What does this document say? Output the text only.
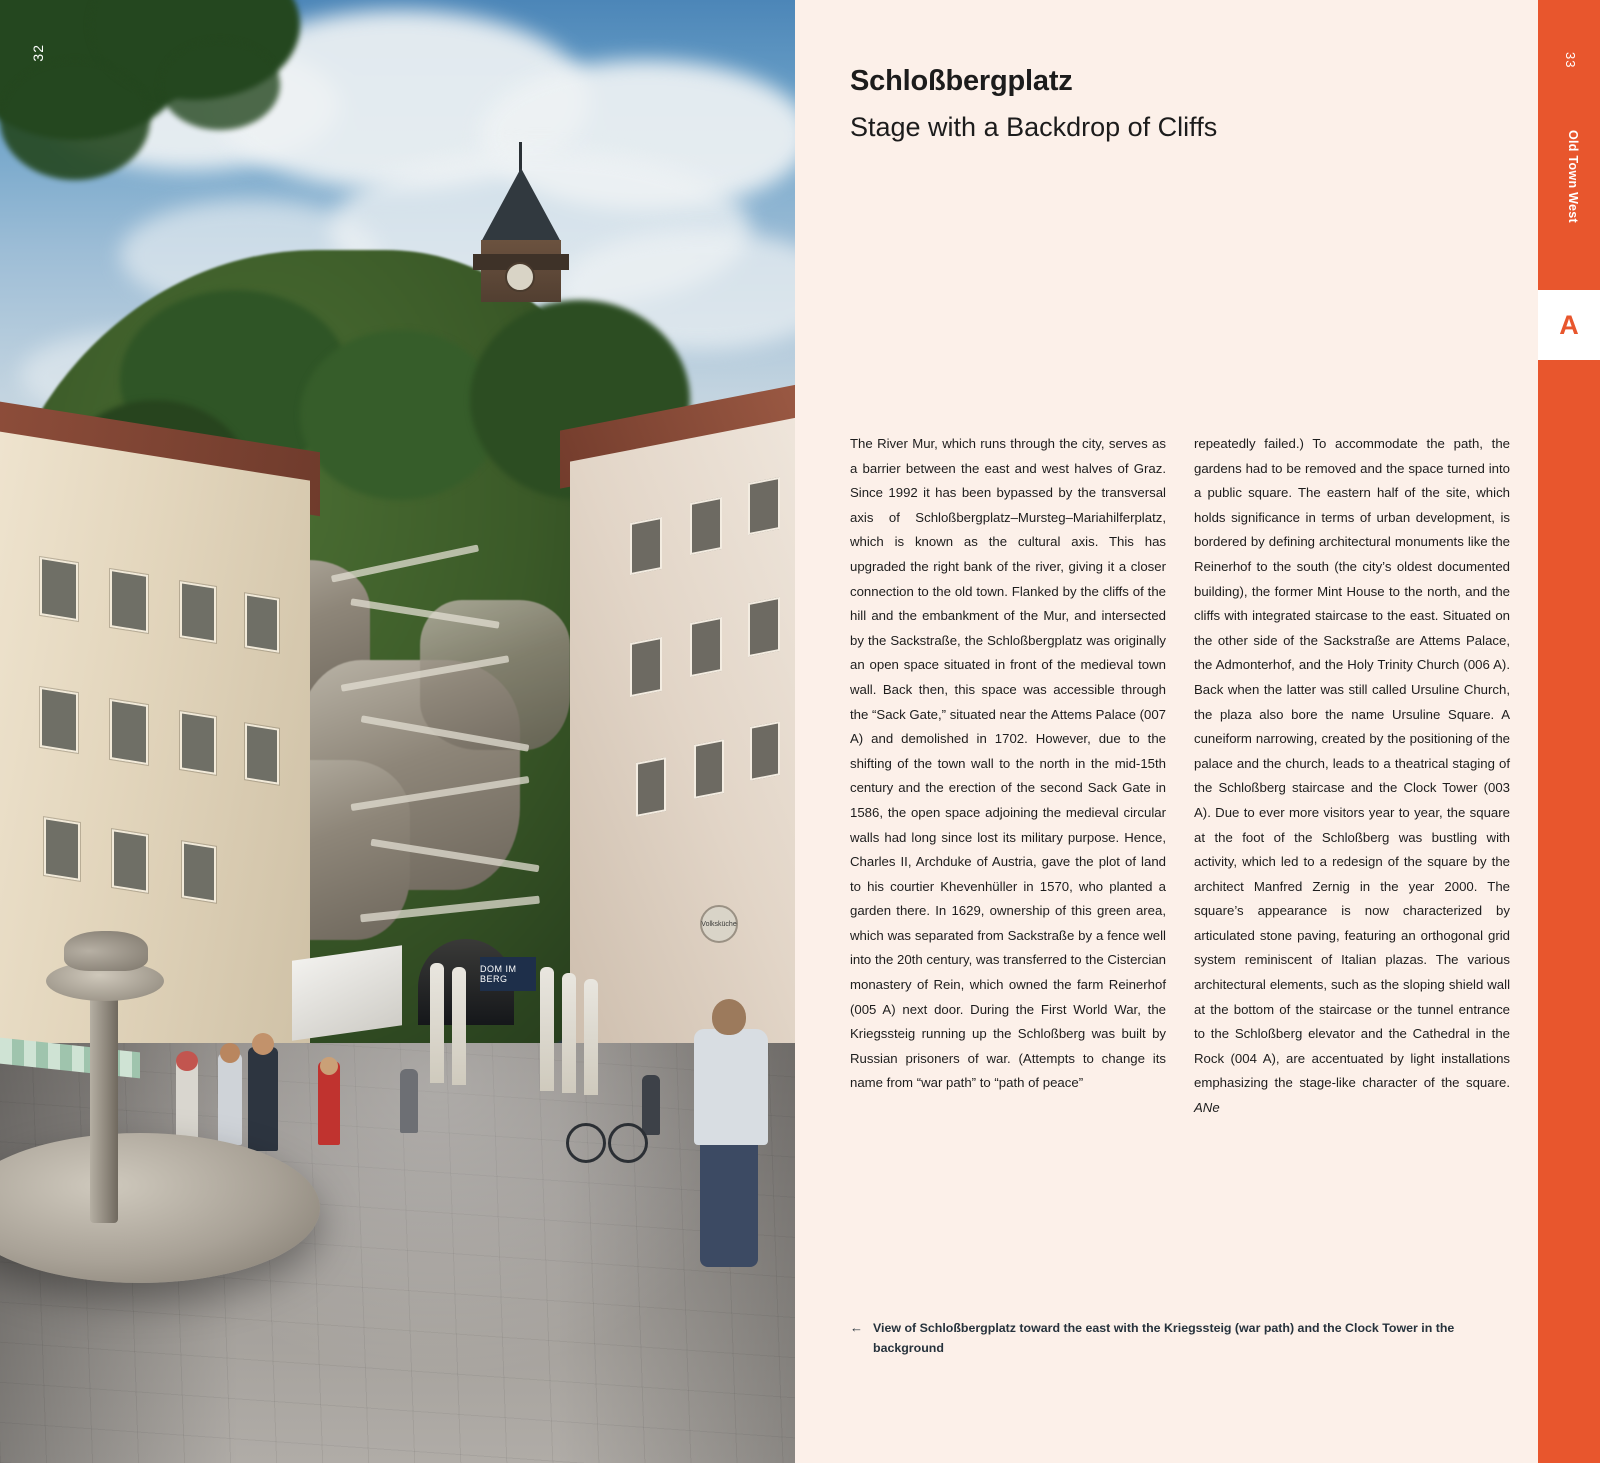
DOM IM BERG
Volksküche
32
Schloßbergplatz
Stage with a Backdrop of Cliffs

The River Mur, which runs through the city, serves as a barrier between the east and west halves of Graz. Since 1992 it has been bypassed by the transversal axis of Schloßbergplatz–Mursteg–Mariahilferplatz, which is known as the cultural axis. This has upgraded the right bank of the river, giving it a closer connection to the old town. Flanked by the cliffs of the hill and the embankment of the Mur, and intersected by the Sackstraße, the Schloßbergplatz was originally an open space situated in front of the medieval town wall. Back then, this space was accessible through the “Sack Gate,” situated near the Attems Palace (007 A) and demolished in 1702. However, due to the shifting of the town wall to the north in the mid-15th century and the erection of the second Sack Gate in 1586, the open space adjoining the medieval circular walls had long since lost its military purpose. Hence, Charles II, Archduke of Austria, gave the plot of land to his courtier Khevenhüller in 1570, who planted a garden there. In 1629, ownership of this green area, which was separated from Sackstraße by a fence well into the 20th century, was transferred to the Cistercian monastery of Rein, which owned the farm Reinerhof (005 A) next door. During the First World War, the Kriegssteig running up the Schloßberg was built by Russian prisoners of war. (Attempts to change its name from “war path” to “path of peace”

repeatedly failed.) To accommodate the path, the gardens had to be removed and the space turned into a public square. The eastern half of the site, which holds significance in terms of urban development, is bordered by defining architectural monuments like the Reinerhof to the south (the city’s oldest documented building), the former Mint House to the north, and the cliffs with integrated staircase to the east. Situated on the other side of the Sackstraße are Attems Palace, the Admonterhof, and the Holy Trinity Church (006 A). Back when the latter was still called Ursuline Church, the plaza also bore the name Ursuline Square. A cuneiform narrowing, created by the positioning of the palace and the church, leads to a theatrical staging of the Schloßberg staircase and the Clock Tower (003 A). Due to ever more visitors year to year, the square at the foot of the Schloßberg was bustling with activity, which led to a redesign of the square by the architect Manfred Zernig in the year 2000. The square’s appearance is now characterized by articulated stone paving, featuring an orthogonal grid system reminiscent of Italian plazas. The various architectural elements, such as the sloping shield wall at the bottom of the staircase or the tunnel entrance to the Schloßberg elevator and the Cathedral in the Rock (004 A), are accentuated by light installations emphasizing the stage-like character of the square. ANe

← View of Schloßbergplatz toward the east with the Kriegssteig (war path) and the Clock Tower in the background
33
Old Town West
A
